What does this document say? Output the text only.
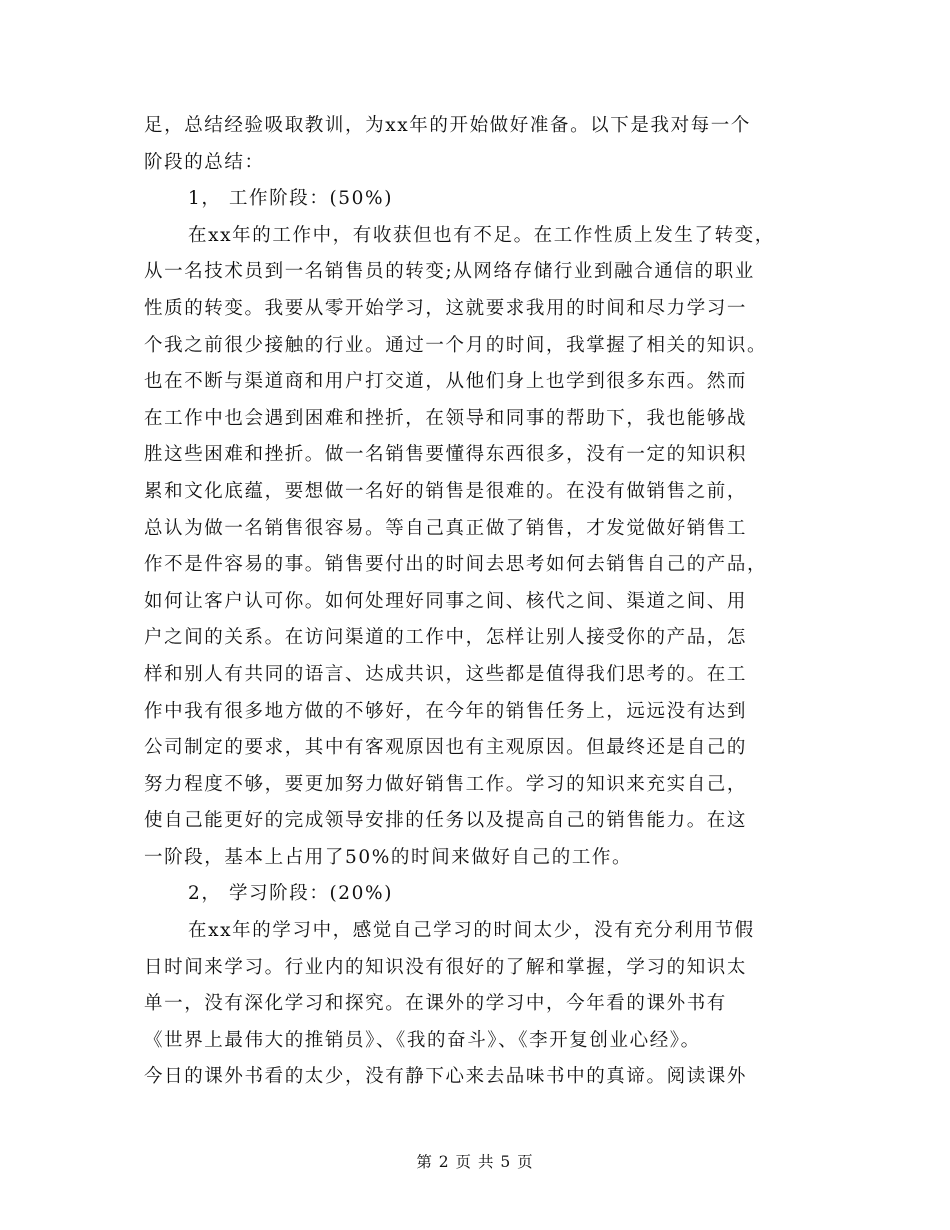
足，总结经验吸取教训，为xx年的开始做好准备。以下是我对每一个
阶段的总结：
1， 工作阶段：(50%)
在xx年的工作中，有收获但也有不足。在工作性质上发生了转变，
从一名技术员到一名销售员的转变;从网络存储行业到融合通信的职业
性质的转变。我要从零开始学习，这就要求我用的时间和尽力学习一
个我之前很少接触的行业。通过一个月的时间，我掌握了相关的知识。
也在不断与渠道商和用户打交道，从他们身上也学到很多东西。然而
在工作中也会遇到困难和挫折，在领导和同事的帮助下，我也能够战
胜这些困难和挫折。做一名销售要懂得东西很多，没有一定的知识积
累和文化底蕴，要想做一名好的销售是很难的。在没有做销售之前，
总认为做一名销售很容易。等自己真正做了销售，才发觉做好销售工
作不是件容易的事。销售要付出的时间去思考如何去销售自己的产品，
如何让客户认可你。如何处理好同事之间、核代之间、渠道之间、用
户之间的关系。在访问渠道的工作中，怎样让别人接受你的产品，怎
样和别人有共同的语言、达成共识，这些都是值得我们思考的。在工
作中我有很多地方做的不够好，在今年的销售任务上，远远没有达到
公司制定的要求，其中有客观原因也有主观原因。但最终还是自己的
努力程度不够，要更加努力做好销售工作。学习的知识来充实自己，
使自己能更好的完成领导安排的任务以及提高自己的销售能力。在这
一阶段，基本上占用了50%的时间来做好自己的工作。
2， 学习阶段：(20%)
在xx年的学习中，感觉自己学习的时间太少，没有充分利用节假
日时间来学习。行业内的知识没有很好的了解和掌握，学习的知识太
单一，没有深化学习和探究。在课外的学习中，今年看的课外书有
《世界上最伟大的推销员》、《我的奋斗》、《李开复创业心经》。
今日的课外书看的太少，没有静下心来去品味书中的真谛。阅读课外
第 2 页 共 5 页
